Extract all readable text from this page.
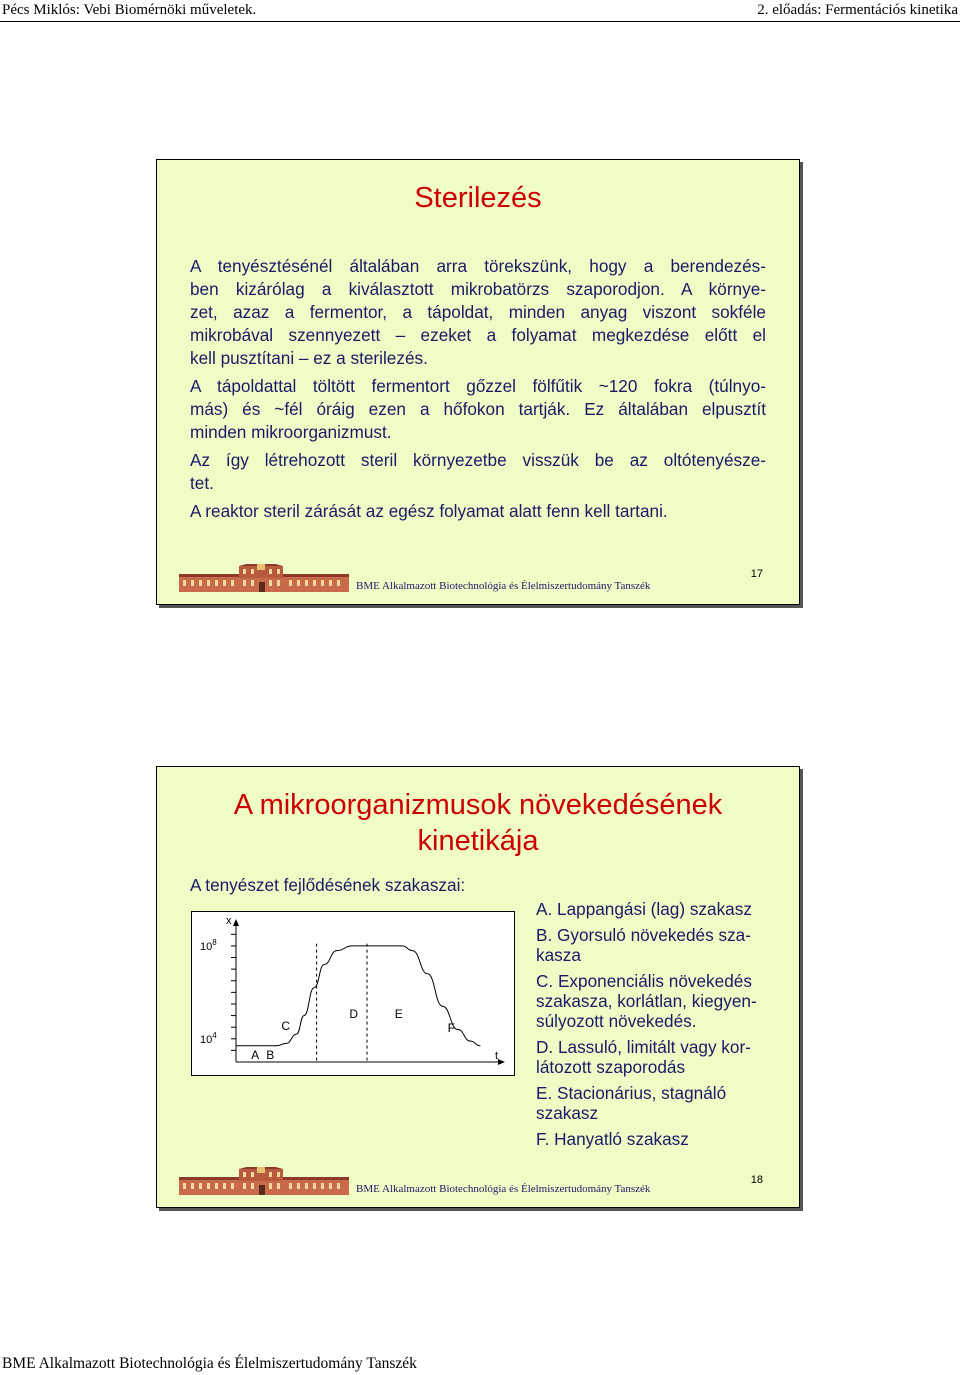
Pécs Miklós: Vebi Biomérnöki műveletek.	2. előadás: Fermentációs kinetika
Sterilezés
A tenyésztésénél általában arra törekszünk, hogy a berendezés-
ben kizárólag a kiválasztott mikrobatörzs szaporodjon. A környe-
zet, azaz a fermentor, a tápoldat, minden anyag viszont sokféle
mikrobával szennyezett – ezeket a folyamat megkezdése előtt el
kell pusztítani – ez a sterilezés.
A tápoldattal töltött fermentort gőzzel fölfűtik ~120 fokra (túlnyo-
más) és ~fél óráig ezen a hőfokon tartják. Ez általában elpusztít
minden mikroorganizmust.
Az így létrehozott steril környezetbe visszük be az oltótenyésze-
tet.
A reaktor steril zárását az egész folyamat alatt fenn kell tartani.
17
BME Alkalmazott Biotechnológia és Élelmiszertudomány Tanszék
A mikroorganizmusok növekedésének
kinetikája
A tenyészet fejlődésének szakaszai:
x
t
$10^4$
$10^8$
A B
C
D	E
F
A. Lappangási (lag) szakasz
B. Gyorsuló növekedés sza-
kasza
C. Exponenciális növekedés
szakasza, korlátlan, kiegyen-
súlyozott növekedés.
D. Lassuló, limitált vagy kor-
látozott szaporodás
E. Stacionárius, stagnáló
szakasz
F. Hanyatló szakasz
18
BME Alkalmazott Biotechnológia és Élelmiszertudomány Tanszék
BME Alkalmazott Biotechnológia és Élelmiszertudomány Tanszék
